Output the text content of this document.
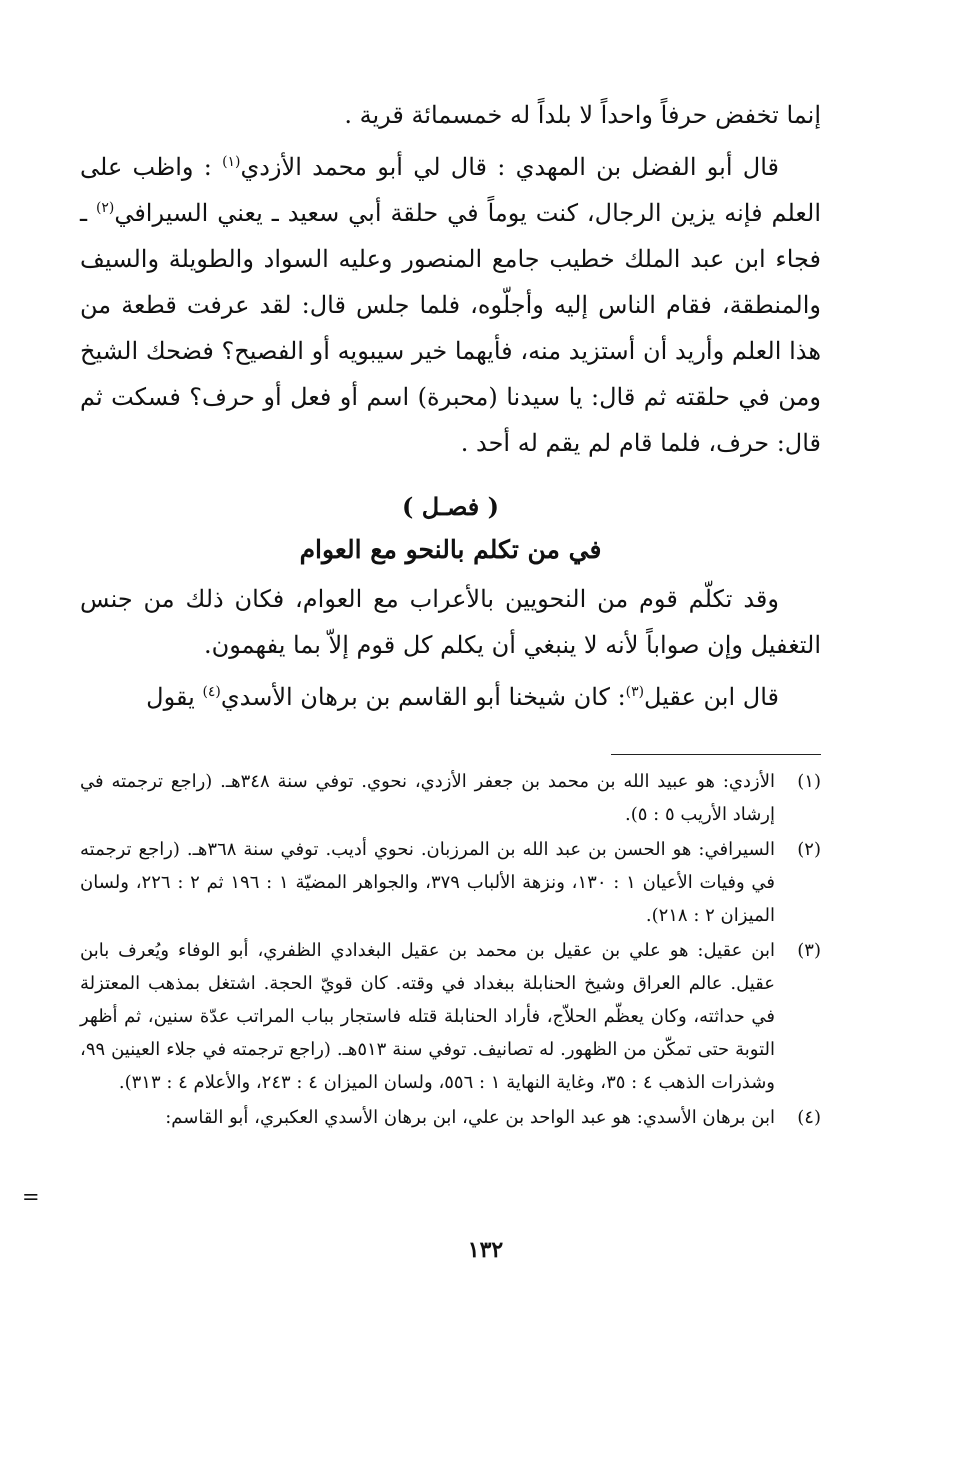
إنما تخفض حرفاً واحداً لا بلداً له خمسمائة قرية .

قال أبو الفضل بن المهدي : قال لي أبو محمد الأزدي$^{(١)}$ : واظب على العلم فإنه يزين الرجال، كنت يوماً في حلقة أبي سعيد ـ يعني السيرافي$^{(٢)}$ ـ فجاء ابن عبد الملك خطيب جامع المنصور وعليه السواد والطويلة والسيف والمنطقة، فقام الناس إليه وأجلّوه، فلما جلس قال: لقد عرفت قطعة من هذا العلم وأريد أن أستزيد منه، فأيهما خير سيبويه أو الفصيح؟ فضحك الشيخ ومن في حلقته ثم قال: يا سيدنا (محبرة) اسم أو فعل أو حرف؟ فسكت ثم قال: حرف، فلما قام لم يقم له أحد .

( فصـل )

في من تكلم بالنحو مع العوام

وقد تكلّم قوم من النحويين بالأعراب مع العوام، فكان ذلك من جنس التغفيل وإن صواباً لأنه لا ينبغي أن يكلم كل قوم إلاّ بما يفهمون.

قال ابن عقيل$^{(٣)}$: كان شيخنا أبو القاسم بن برهان الأسدي$^{(٤)}$ يقول

(١)
الأزدي: هو عبيد الله بن محمد بن جعفر الأزدي، نحوي. توفي سنة ٣٤٨هـ. (راجع ترجمته في إرشاد الأريب ٥ : ٥).
(٢)
السيرافي: هو الحسن بن عبد الله بن المرزبان. نحوي أديب. توفي سنة ٣٦٨هـ. (راجع ترجمته في وفيات الأعيان ١ : ١٣٠، ونزهة الألباب ٣٧٩، والجواهر المضيّة ١ : ١٩٦ ثم ٢ : ٢٢٦، ولسان الميزان ٢ : ٢١٨).
(٣)
ابن عقيل: هو علي بن عقيل بن محمد بن عقيل البغدادي الظفري، أبو الوفاء ويُعرف بابن عقيل. عالم العراق وشيخ الحنابلة ببغداد في وقته. كان قويّ الحجة. اشتغل بمذهب المعتزلة في حداثته، وكان يعظّم الحلاّج، فأراد الحنابلة قتله فاستجار بباب المراتب عدّة سنين، ثم أظهر التوبة حتى تمكّن من الظهور. له تصانيف. توفي سنة ٥١٣هـ. (راجع ترجمته في جلاء العينين ٩٩، وشذرات الذهب ٤ : ٣٥، وغاية النهاية ١ : ٥٥٦، ولسان الميزان ٤ : ٢٤٣، والأعلام ٤ : ٣١٣).
(٤)
ابن برهان الأسدي: هو عبد الواحد بن علي، ابن برهان الأسدي العكبري، أبو القاسم:
=
١٣٢
